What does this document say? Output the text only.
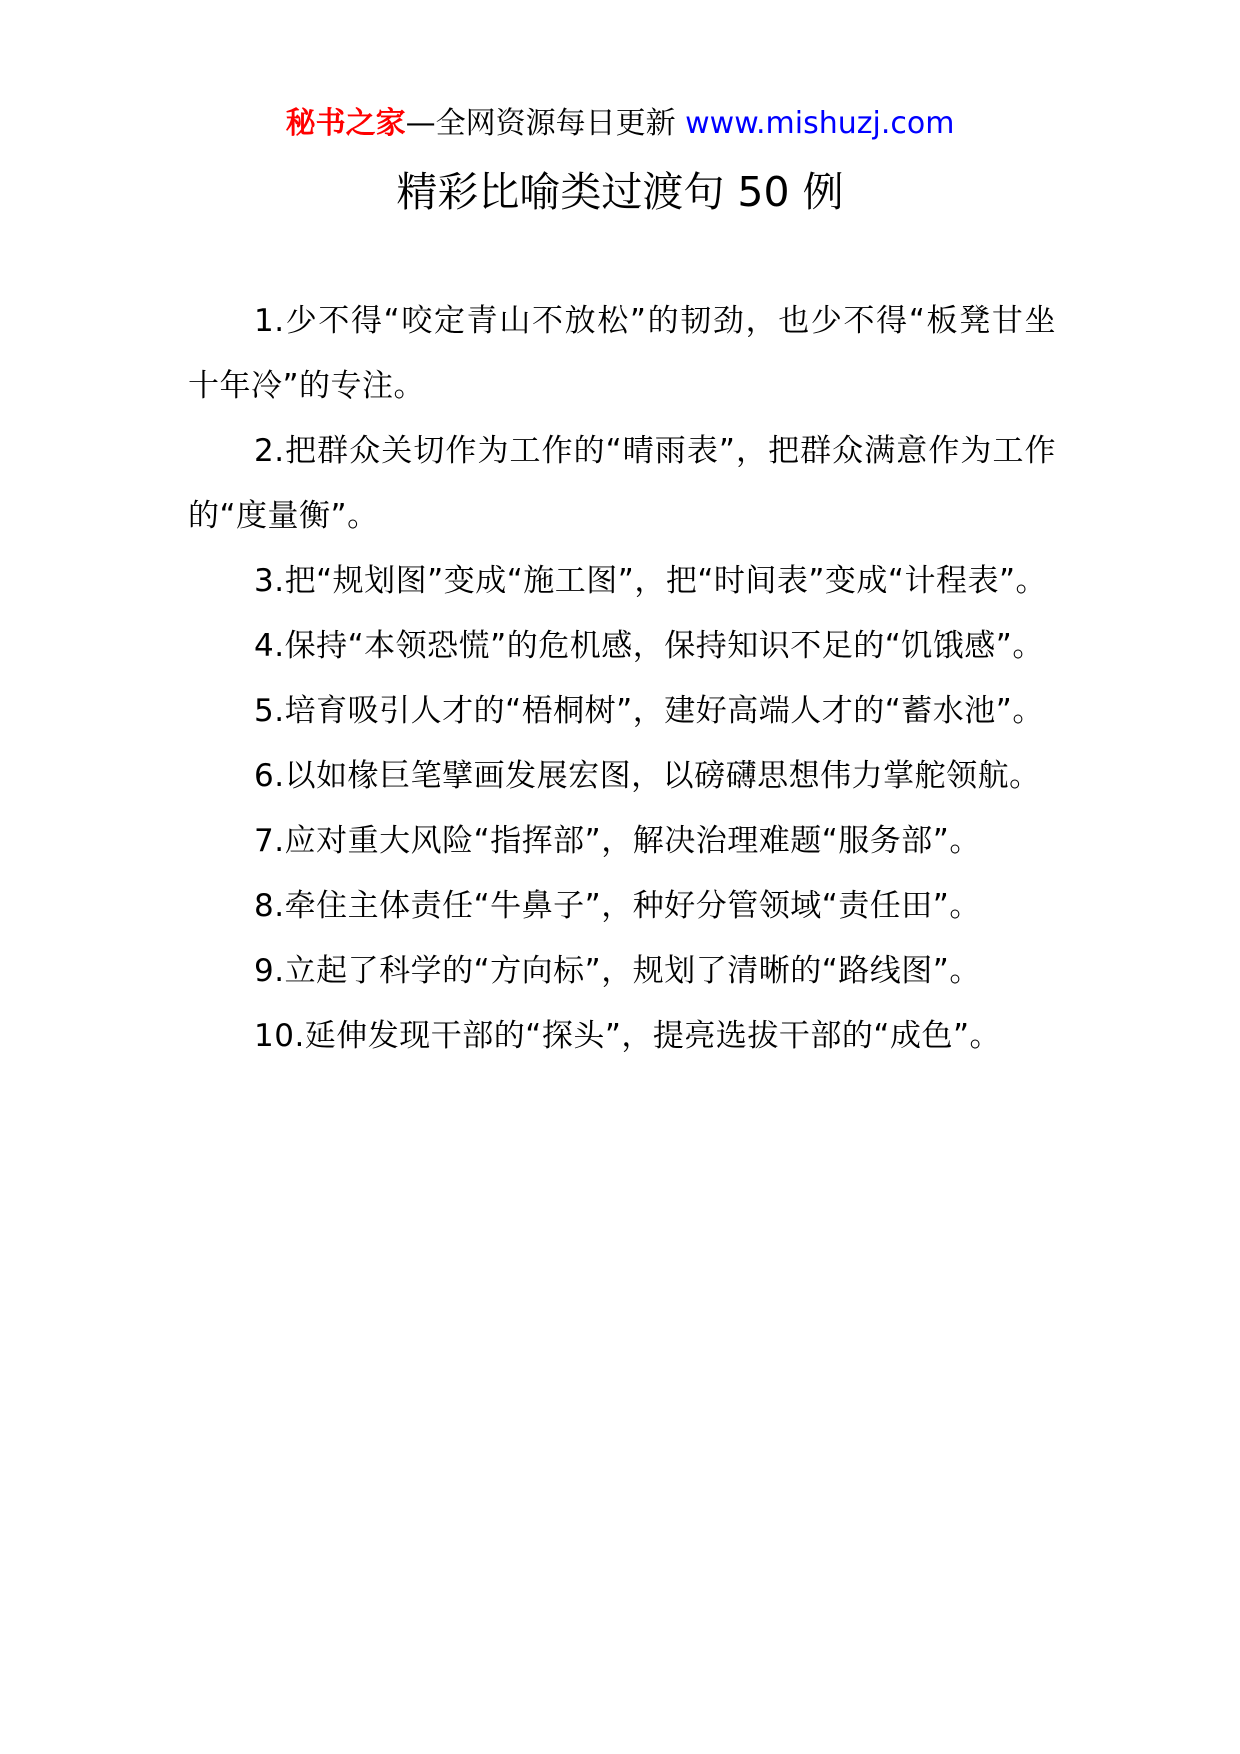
秘书之家—全网资源每日更新 www.mishuzj.com
精彩比喻类过渡句 50 例

1.少不得“咬定青山不放松”的韧劲，也少不得“板凳甘坐十年冷”的专注。

2.把群众关切作为工作的“晴雨表”，把群众满意作为工作的“度量衡”。

3.把“规划图”变成“施工图”，把“时间表”变成“计程表”。

4.保持“本领恐慌”的危机感，保持知识不足的“饥饿感”。

5.培育吸引人才的“梧桐树”，建好高端人才的“蓄水池”。

6.以如椽巨笔擘画发展宏图，以磅礴思想伟力掌舵领航。

7.应对重大风险“指挥部”，解决治理难题“服务部”。

8.牵住主体责任“牛鼻子”，种好分管领域“责任田”。

9.立起了科学的“方向标”，规划了清晰的“路线图”。

10.延伸发现干部的“探头”，提亮选拔干部的“成色”。
